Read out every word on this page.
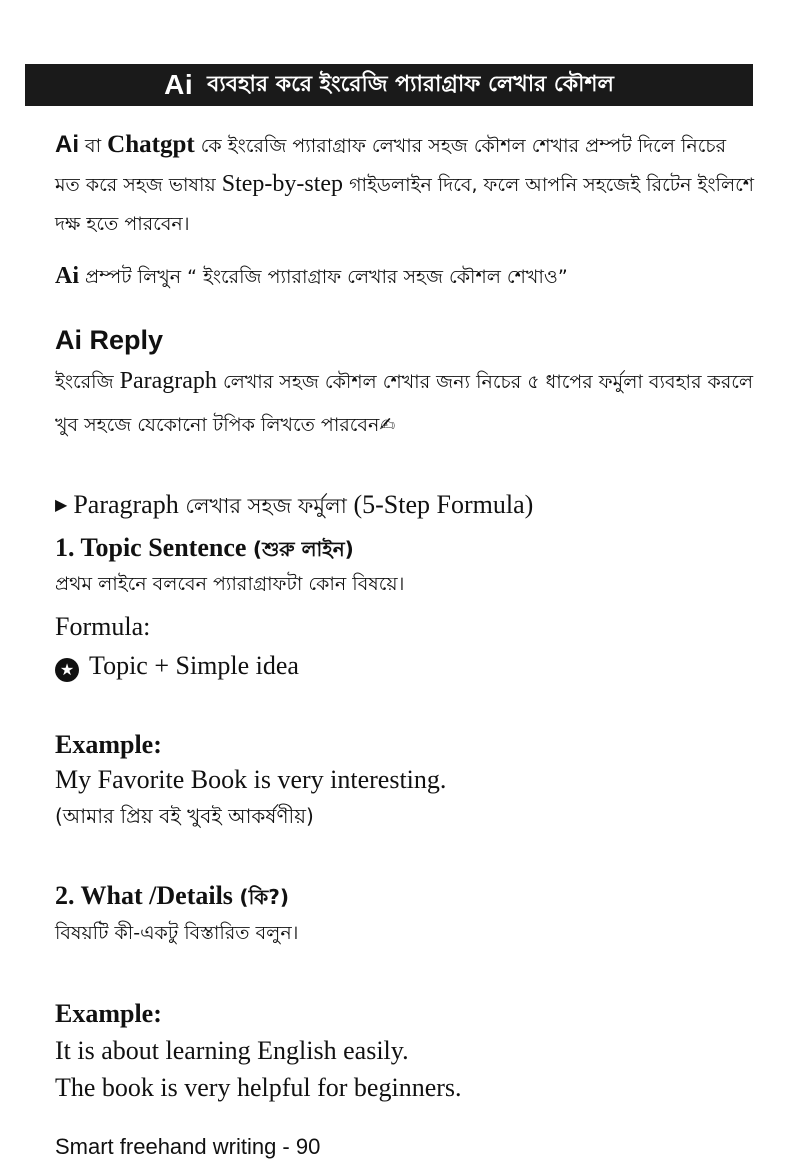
Ai ব্যবহার করে ইংরেজি প্যারাগ্রাফ লেখার কৌশল
Ai বা Chatgpt কে ইংরেজি প্যারাগ্রাফ লেখার সহজ কৌশল শেখার প্রম্পট দিলে নিচের মত করে সহজ ভাষায় Step-by-step গাইডলাইন দিবে, ফলে আপনি সহজেই রিটেন ইংলিশে দক্ষ হতে পারবেন।
Ai প্রম্পট লিখুন “ ইংরেজি প্যারাগ্রাফ লেখার সহজ কৌশল শেখাও”
Ai Reply
ইংরেজি Paragraph লেখার সহজ কৌশল শেখার জন্য নিচের ৫ ধাপের ফর্মুলা ব্যবহার করলে খুব সহজে যেকোনো টপিক লিখতে পারবেন✍
▶ Paragraph লেখার সহজ ফর্মুলা (5-Step Formula)
1. Topic Sentence (শুরু লাইন)
প্রথম লাইনে বলবেন প্যারাগ্রাফটা কোন বিষয়ে।
Formula:
★ Topic + Simple idea
Example:
My Favorite Book is very interesting.
(আমার প্রিয় বই খুবই আকর্ষণীয়)
2. What /Details (কি?)
বিষয়টি কী-একটু বিস্তারিত বলুন।
Example:
It is about learning English easily.
The book is very helpful for beginners.
Smart freehand writing - 90
